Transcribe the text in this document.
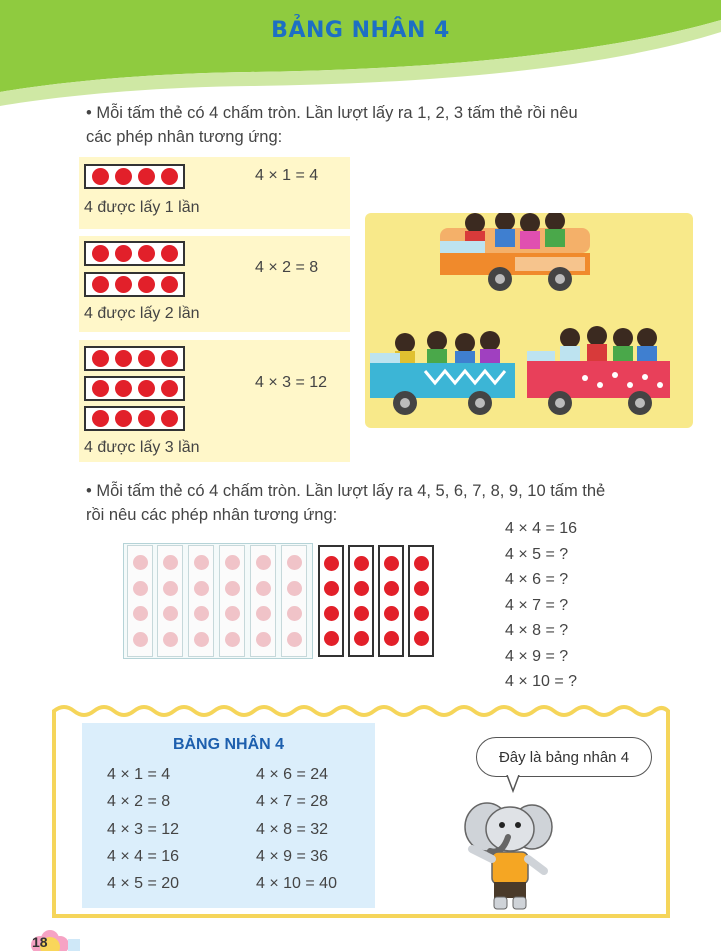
BẢNG NHÂN 4
• Mỗi tấm thẻ có 4 chấm tròn. Lần lượt lấy ra 1, 2, 3 tấm thẻ rồi nêu
các phép nhân tương ứng:
4 × 1 = 4
4 được lấy 1 lần
4 × 2 = 8
4 được lấy 2 lần
4 × 3 = 12
4 được lấy 3 lần
• Mỗi tấm thẻ có 4 chấm tròn. Lần lượt lấy ra 4, 5, 6, 7, 8, 9, 10 tấm thẻ
rồi nêu các phép nhân tương ứng:
4 × 4 = 16
4 × 5 = ?
4 × 6 = ?
4 × 7 = ?
4 × 8 = ?
4 × 9 = ?
4 × 10 = ?
BẢNG NHÂN 4
4 × 1 = 4
4 × 2 = 8
4 × 3 = 12
4 × 4 = 16
4 × 5 = 20
4 × 6 = 24
4 × 7 = 28
4 × 8 = 32
4 × 9 = 36
4 × 10 = 40
Đây là bảng nhân 4
18
